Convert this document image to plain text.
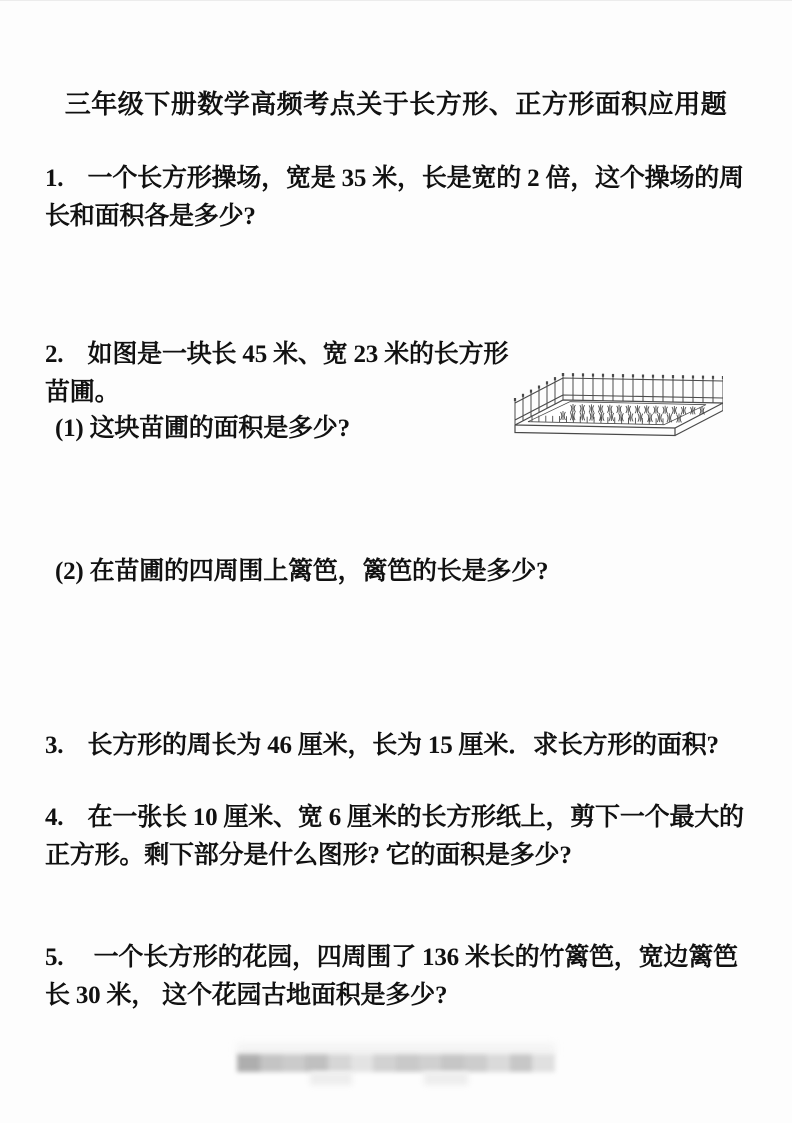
三年级下册数学高频考点关于长方形、正方形面积应用题
1.    一个长方形操场，宽是 35 米，长是宽的 2 倍，这个操场的周
长和面积各是多少?
2.    如图是一块长 45 米、宽 23 米的长方形
苗圃。
(1) 这块苗圃的面积是多少?
(2) 在苗圃的四周围上篱笆，篱笆的长是多少?
3.    长方形的周长为 46 厘米，长为 15 厘米．求长方形的面积?
4.    在一张长 10 厘米、宽 6 厘米的长方形纸上，剪下一个最大的
正方形。剩下部分是什么图形? 它的面积是多少?
5.     一个长方形的花园，四周围了 136 米长的竹篱笆，宽边篱笆
长 30 米， 这个花园古地面积是多少?
